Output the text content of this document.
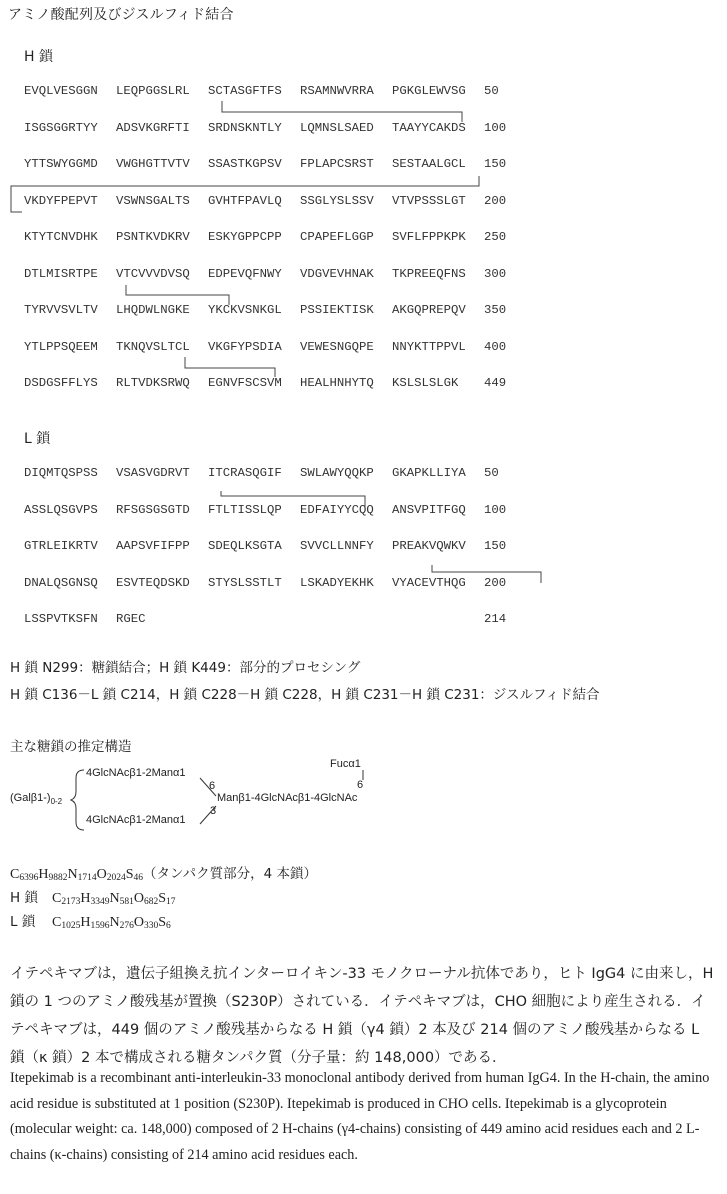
アミノ酸配列及びジスルフィド結合
H 鎖
EVQLVESGGN LEQPGGSLRL SCTASGFTFS RSAMNWVRRA PGKGLEWVSG 50
ISGSGGRTYY ADSVKGRFTI SRDNSKNTLY LQMNSLSAED TAAYYCAKDS 100
YTTSWYGGMD VWGHGTTVTV SSASTKGPSV FPLAPCSRST SESTAALGCL 150
VKDYFPEPVT VSWNSGALTS GVHTFPAVLQ SSGLYSLSSV VTVPSSSLGT 200
KTYTCNVDHK PSNTKVDKRV ESKYGPPCPP CPAPEFLGGP SVFLFPPKPK 250
DTLMISRTPE VTCVVVDVSQ EDPEVQFNWY VDGVEVHNAK TKPREEQFNS 300
TYRVVSVLTV LHQDWLNGKE YKCKVSNKGL PSSIEKTISK AKGQPREPQV 350
YTLPPSQEEM TKNQVSLTCL VKGFYPSDIA VEWESNGQPE NNYKTTPPVL 400
DSDGSFFLYS RLTVDKSRWQ EGNVFSCSVM HEALHNHYTQ KSLSLSLGK 449
L 鎖
DIQMTQSPSS VSASVGDRVT ITCRASQGIF SWLAWYQQKP GKAPKLLIYA 50
ASSLQSGVPS RFSGSGSGTD FTLTISSLQP EDFAIYYCQQ ANSVPITFGQ 100
GTRLEIKRTV AAPSVFIFPP SDEQLKSGTA SVVCLLNNFY PREAKVQWKV 150
DNALQSGNSQ ESVTEQDSKD STYSLSSTLT LSKADYEKHK VYACEVTHQG 200
LSSPVTKSFN RGEC	214
H 鎖 N299：糖鎖結合；H 鎖 K449：部分的プロセシング
H 鎖 C136－L 鎖 C214，H 鎖 C228－H 鎖 C228，H 鎖 C231－H 鎖 C231：ジスルフィド結合
主な糖鎖の推定構造
$(Gal\beta 1-)_{0-2}$
4GlcNAcβ1-2Manα1
4GlcNAcβ1-2Manα1
6
3
Manβ1-4GlcNAcβ1-4GlcNAc
Fucα1
6
$C_{6396}H_{9882}N_{1714}O_{2024}S_{46}$（タンパク質部分，4 本鎖）
H 鎖 $C_{2173}H_{3349}N_{581}O_{682}S_{17}$
L 鎖 $C_{1025}H_{1596}N_{276}O_{330}S_6$
イテペキマブは，遺伝子組換え抗インターロイキン-33 モノクローナル抗体であり，ヒト IgG4 に由来し，H 鎖の 1 つのアミノ酸残基が置換（S230P）されている．イテペキマブは，CHO 細胞により産生される．イテペキマブは，449 個のアミノ酸残基からなる H 鎖（γ4 鎖）2 本及び 214 個のアミノ酸残基からなる L 鎖（κ 鎖）2 本で構成される糖タンパク質（分子量：約 148,000）である．
Itepekimab is a recombinant anti-interleukin-33 monoclonal antibody derived from human IgG4. In the H-chain, the amino acid residue is substituted at 1 position (S230P). Itepekimab is produced in CHO cells. Itepekimab is a glycoprotein (molecular weight: ca. 148,000) composed of 2 H-chains (γ4-chains) consisting of 449 amino acid residues each and 2 L-chains (κ-chains) consisting of 214 amino acid residues each.
